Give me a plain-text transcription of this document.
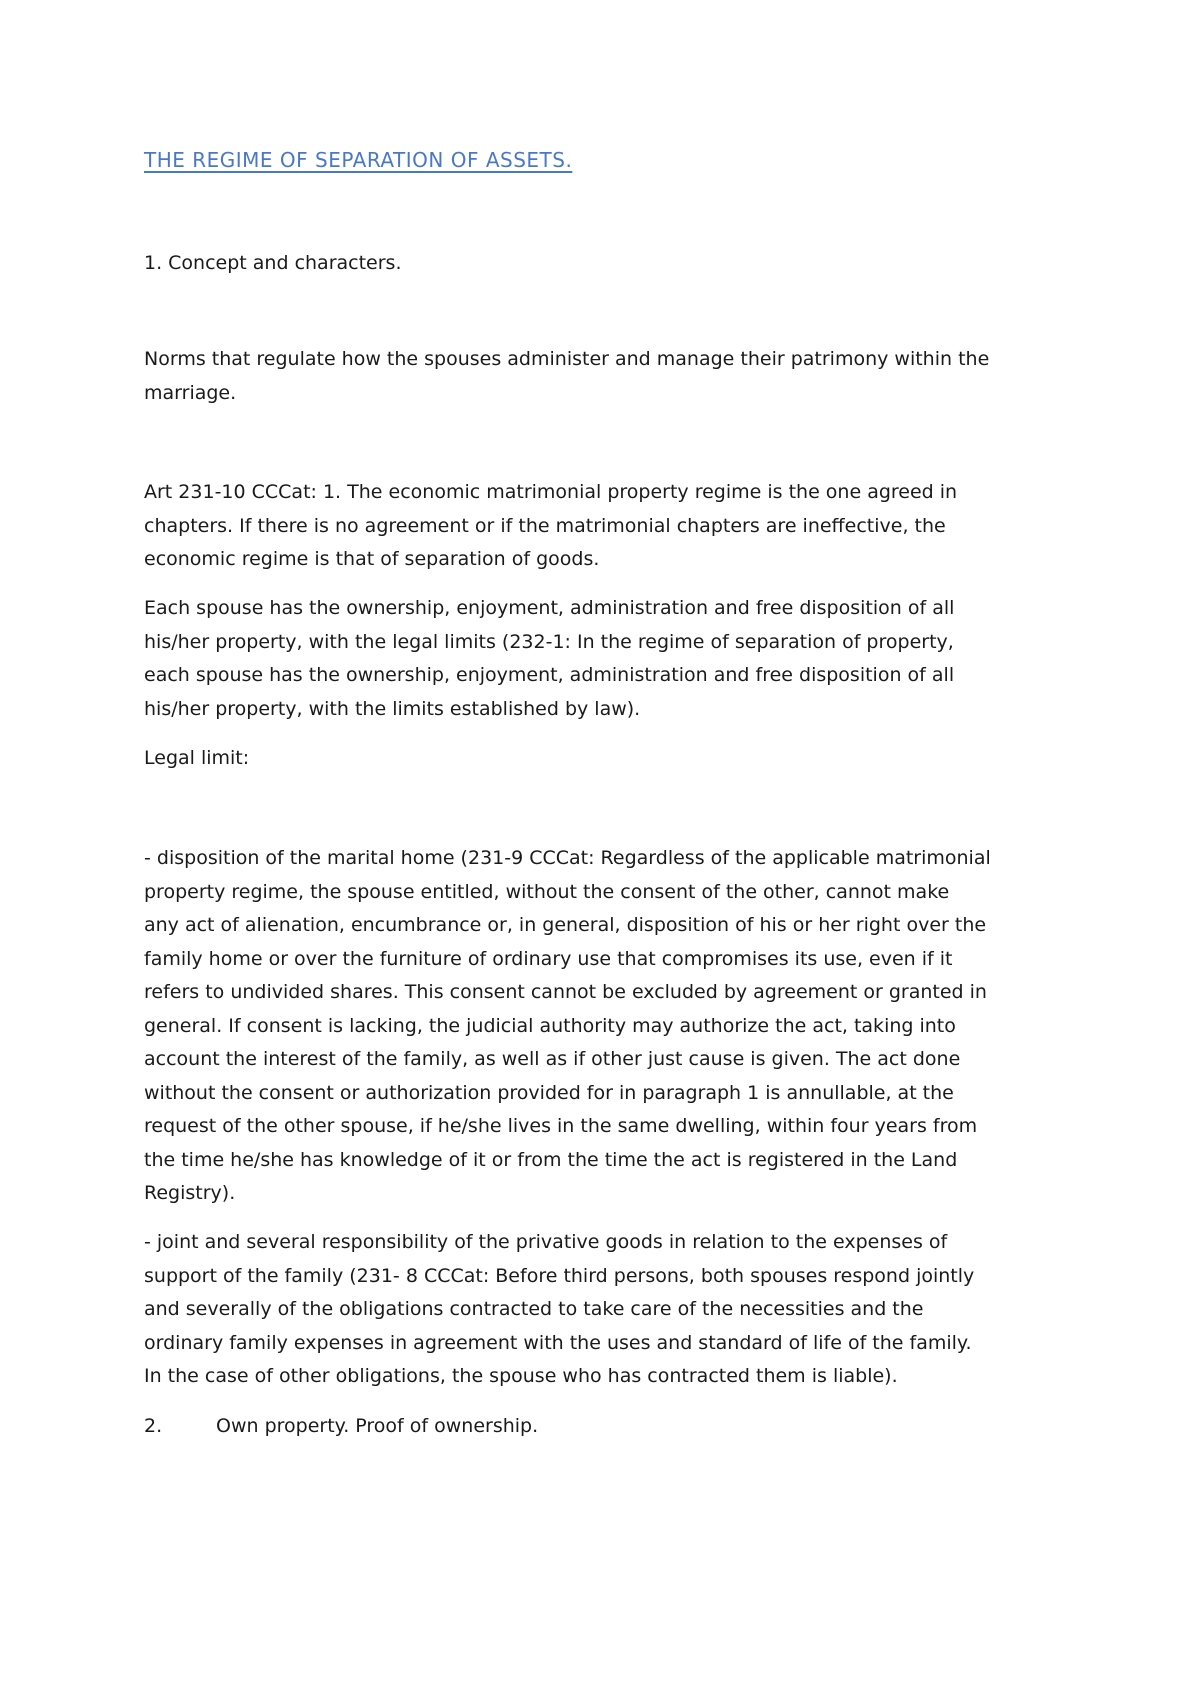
THE REGIME OF SEPARATION OF ASSETS.
1. Concept and characters.
Norms that regulate how the spouses administer and manage their patrimony within the
marriage.
Art 231-10 CCCat: 1. The economic matrimonial property regime is the one agreed in
chapters. If there is no agreement or if the matrimonial chapters are ineffective, the
economic regime is that of separation of goods.
Each spouse has the ownership, enjoyment, administration and free disposition of all
his/her property, with the legal limits (232-1: In the regime of separation of property,
each spouse has the ownership, enjoyment, administration and free disposition of all
his/her property, with the limits established by law).
Legal limit:
- disposition of the marital home (231-9 CCCat: Regardless of the applicable matrimonial
property regime, the spouse entitled, without the consent of the other, cannot make
any act of alienation, encumbrance or, in general, disposition of his or her right over the
family home or over the furniture of ordinary use that compromises its use, even if it
refers to undivided shares. This consent cannot be excluded by agreement or granted in
general. If consent is lacking, the judicial authority may authorize the act, taking into
account the interest of the family, as well as if other just cause is given. The act done
without the consent or authorization provided for in paragraph 1 is annullable, at the
request of the other spouse, if he/she lives in the same dwelling, within four years from
the time he/she has knowledge of it or from the time the act is registered in the Land
Registry).
- joint and several responsibility of the privative goods in relation to the expenses of
support of the family (231- 8 CCCat: Before third persons, both spouses respond jointly
and severally of the obligations contracted to take care of the necessities and the
ordinary family expenses in agreement with the uses and standard of life of the family.
In the case of other obligations, the spouse who has contracted them is liable).
2.	Own property. Proof of ownership.
